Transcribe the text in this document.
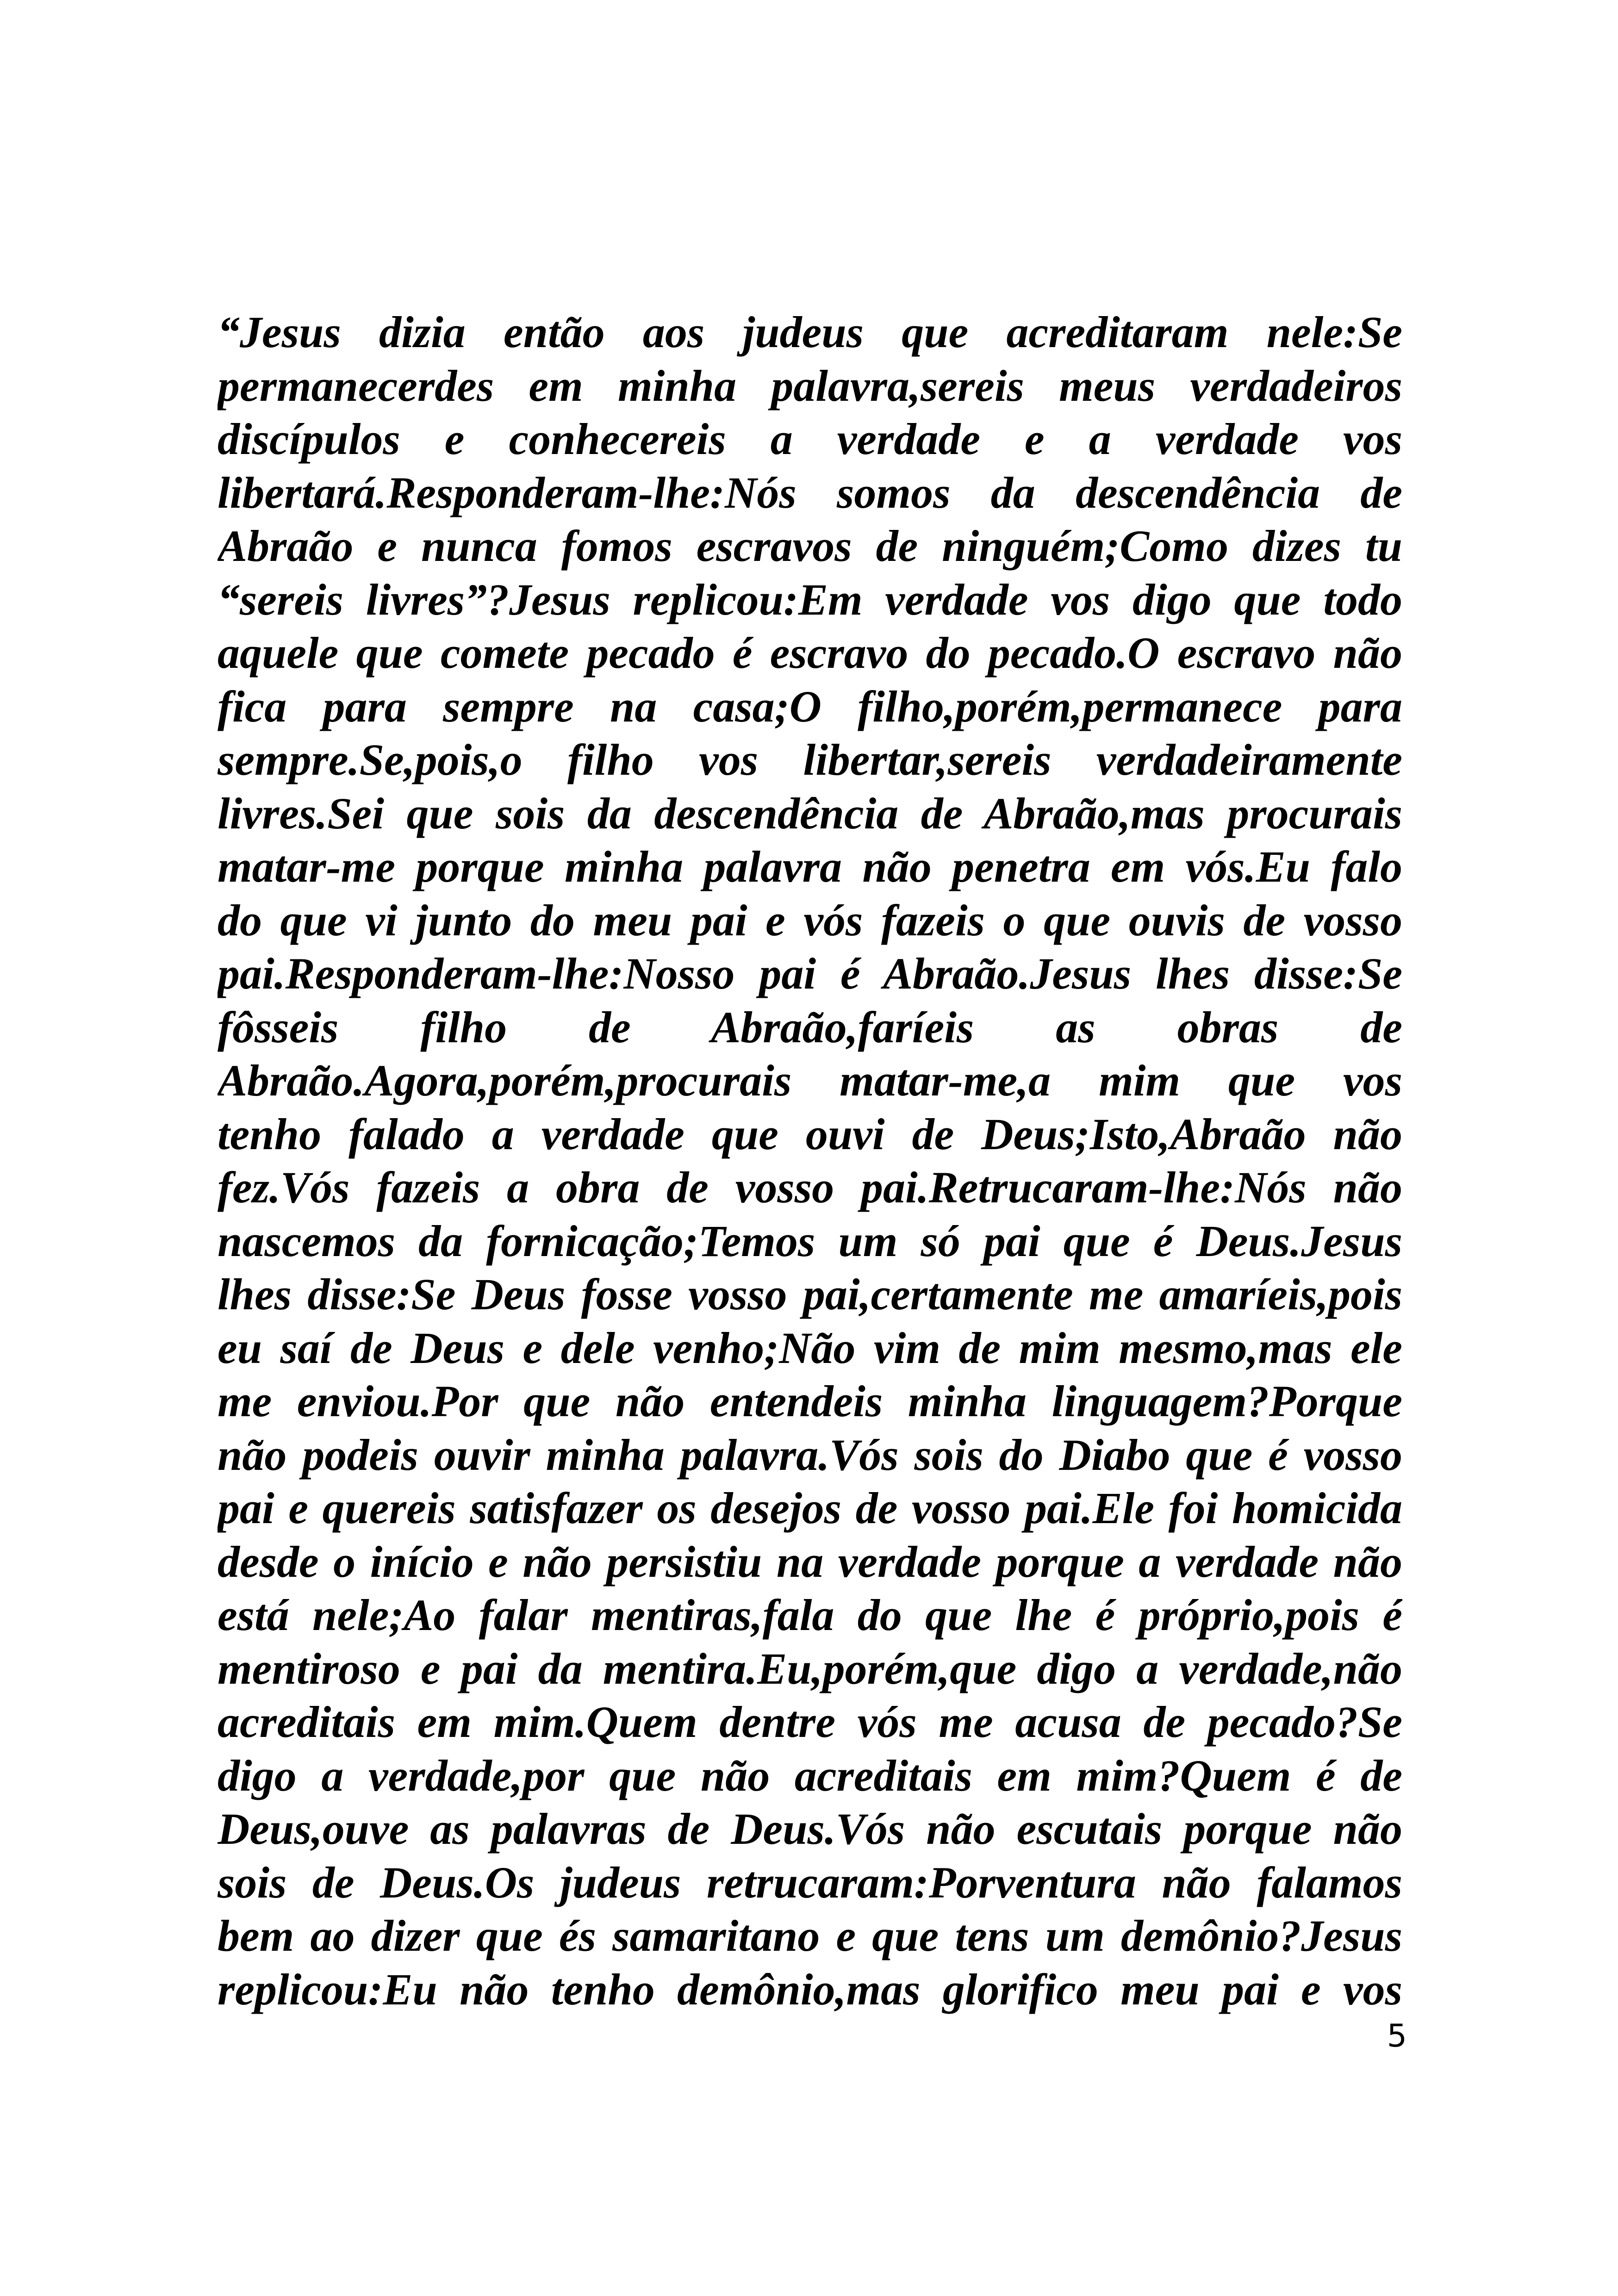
“Jesus dizia então aos judeus que acreditaram nele:Se
permanecerdes em minha palavra,sereis meus verdadeiros
discípulos e conhecereis a verdade e a verdade vos
libertará.Responderam-lhe:Nós somos da descendência de
Abraão e nunca fomos escravos de ninguém;Como dizes tu
“sereis livres”?Jesus replicou:Em verdade vos digo que todo
aquele que comete pecado é escravo do pecado.O escravo não
fica para sempre na casa;O filho,porém,permanece para
sempre.Se,pois,o filho vos libertar,sereis verdadeiramente
livres.Sei que sois da descendência de Abraão,mas procurais
matar-me porque minha palavra não penetra em vós.Eu falo
do que vi junto do meu pai e vós fazeis o que ouvis de vosso
pai.Responderam-lhe:Nosso pai é Abraão.Jesus lhes disse:Se
fôsseis filho de Abraão,faríeis as obras de
Abraão.Agora,porém,procurais matar-me,a mim que vos
tenho falado a verdade que ouvi de Deus;Isto,Abraão não
fez.Vós fazeis a obra de vosso pai.Retrucaram-lhe:Nós não
nascemos da fornicação;Temos um só pai que é Deus.Jesus
lhes disse:Se Deus fosse vosso pai,certamente me amaríeis,pois
eu saí de Deus e dele venho;Não vim de mim mesmo,mas ele
me enviou.Por que não entendeis minha linguagem?Porque
não podeis ouvir minha palavra.Vós sois do Diabo que é vosso
pai e quereis satisfazer os desejos de vosso pai.Ele foi homicida
desde o início e não persistiu na verdade porque a verdade não
está nele;Ao falar mentiras,fala do que lhe é próprio,pois é
mentiroso e pai da mentira.Eu,porém,que digo a verdade,não
acreditais em mim.Quem dentre vós me acusa de pecado?Se
digo a verdade,por que não acreditais em mim?Quem é de
Deus,ouve as palavras de Deus.Vós não escutais porque não
sois de Deus.Os judeus retrucaram:Porventura não falamos
bem ao dizer que és samaritano e que tens um demônio?Jesus
replicou:Eu não tenho demônio,mas glorifico meu pai e vos
5
